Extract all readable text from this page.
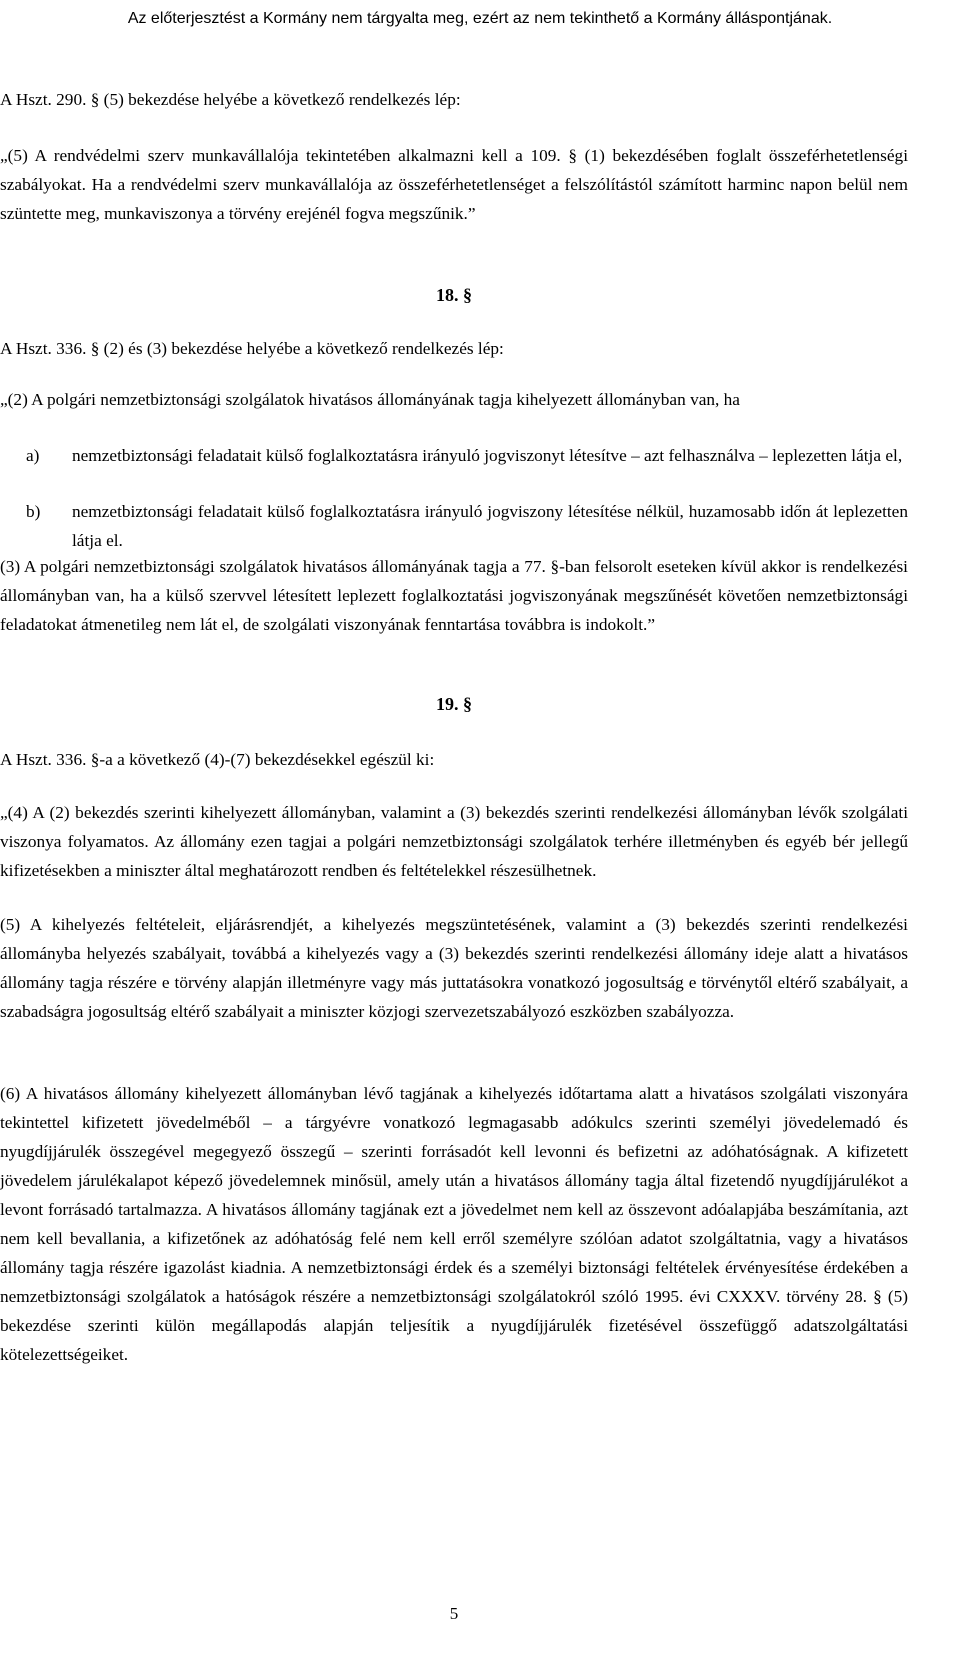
Az előterjesztést a Kormány nem tárgyalta meg, ezért az nem tekinthető a Kormány álláspontjának.
A Hszt. 290. § (5) bekezdése helyébe a következő rendelkezés lép:
„(5) A rendvédelmi szerv munkavállalója tekintetében alkalmazni kell a 109. § (1) bekezdésében foglalt összeférhetetlenségi szabályokat. Ha a rendvédelmi szerv munkavállalója az összeférhetetlenséget a felszólítástól számított harminc napon belül nem szüntette meg, munkaviszonya a törvény erejénél fogva megszűnik.”
18. §
A Hszt. 336. § (2) és (3) bekezdése helyébe a következő rendelkezés lép:
„(2) A polgári nemzetbiztonsági szolgálatok hivatásos állományának tagja kihelyezett állományban van, ha
a)	nemzetbiztonsági feladatait külső foglalkoztatásra irányuló jogviszonyt létesítve – azt felhasználva – leplezetten látja el,
b)	nemzetbiztonsági feladatait külső foglalkoztatásra irányuló jogviszony létesítése nélkül, huzamosabb időn át leplezetten látja el.
(3) A polgári nemzetbiztonsági szolgálatok hivatásos állományának tagja a 77. §-ban felsorolt eseteken kívül akkor is rendelkezési állományban van, ha a külső szervvel létesített leplezett foglalkoztatási jogviszonyának megszűnését követően nemzetbiztonsági feladatokat átmenetileg nem lát el, de szolgálati viszonyának fenntartása továbbra is indokolt.”
19. §
A Hszt. 336. §-a a következő (4)-(7) bekezdésekkel egészül ki:
„(4) A (2) bekezdés szerinti kihelyezett állományban, valamint a (3) bekezdés szerinti rendelkezési állományban lévők szolgálati viszonya folyamatos. Az állomány ezen tagjai a polgári nemzetbiztonsági szolgálatok terhére illetményben és egyéb bér jellegű kifizetésekben a miniszter által meghatározott rendben és feltételekkel részesülhetnek.
(5) A kihelyezés feltételeit, eljárásrendjét, a kihelyezés megszüntetésének, valamint a (3) bekezdés szerinti rendelkezési állományba helyezés szabályait, továbbá a kihelyezés vagy a (3) bekezdés szerinti rendelkezési állomány ideje alatt a hivatásos állomány tagja részére e törvény alapján illetményre vagy más juttatásokra vonatkozó jogosultság e törvénytől eltérő szabályait, a szabadságra jogosultság eltérő szabályait a miniszter közjogi szervezetszabályozó eszközben szabályozza.
(6) A hivatásos állomány kihelyezett állományban lévő tagjának a kihelyezés időtartama alatt a hivatásos szolgálati viszonyára tekintettel kifizetett jövedelméből – a tárgyévre vonatkozó legmagasabb adókulcs szerinti személyi jövedelemadó és nyugdíjjárulék összegével megegyező összegű – szerinti forrásadót kell levonni és befizetni az adóhatóságnak. A kifizetett jövedelem járulékalapot képező jövedelemnek minősül, amely után a hivatásos állomány tagja által fizetendő nyugdíjjárulékot a levont forrásadó tartalmazza. A hivatásos állomány tagjának ezt a jövedelmet nem kell az összevont adóalapjába beszámítania, azt nem kell bevallania, a kifizetőnek az adóhatóság felé nem kell erről személyre szólóan adatot szolgáltatnia, vagy a hivatásos állomány tagja részére igazolást kiadnia. A nemzetbiztonsági érdek és a személyi biztonsági feltételek érvényesítése érdekében a nemzetbiztonsági szolgálatok a hatóságok részére a nemzetbiztonsági szolgálatokról szóló 1995. évi CXXXV. törvény 28. § (5) bekezdése szerinti külön megállapodás alapján teljesítik a nyugdíjjárulék fizetésével összefüggő adatszolgáltatási kötelezettségeiket.
5
